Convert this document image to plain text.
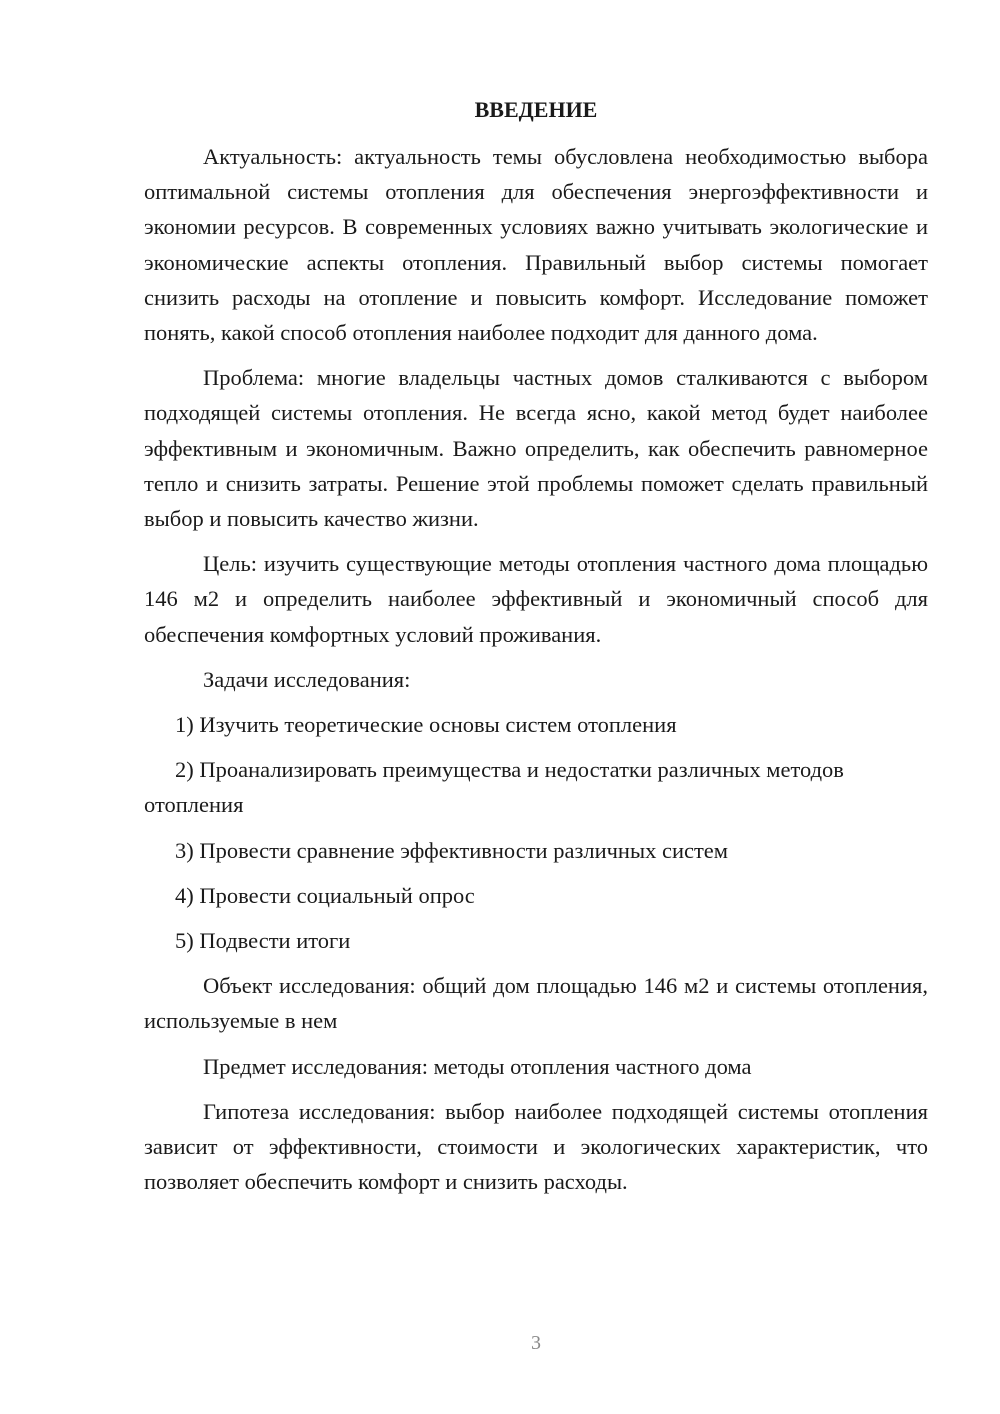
ВВЕДЕНИЕ

Актуальность: актуальность темы обусловлена необходимостью выбора оптимальной системы отопления для обеспечения энергоэффективности и экономии ресурсов. В современных условиях важно учитывать экологические и экономические аспекты отопления. Правильный выбор системы помогает снизить расходы на отопление и повысить комфорт. Исследование поможет понять, какой способ отопления наиболее подходит для данного дома.

Проблема: многие владельцы частных домов сталкиваются с выбором подходящей системы отопления. Не всегда ясно, какой метод будет наиболее эффективным и экономичным. Важно определить, как обеспечить равномерное тепло и снизить затраты. Решение этой проблемы поможет сделать правильный выбор и повысить качество жизни.

Цель: изучить существующие методы отопления частного дома площадью 146 м2 и определить наиболее эффективный и экономичный способ для обеспечения комфортных условий проживания.

Задачи исследования:

1) Изучить теоретические основы систем отопления

2) Проанализировать преимущества и недостатки различных методов отопления

3) Провести сравнение эффективности различных систем

4) Провести социальный опрос

5) Подвести итоги

Объект исследования: общий дом площадью 146 м2 и системы отопления, используемые в нем

Предмет исследования: методы отопления частного дома

Гипотеза исследования: выбор наиболее подходящей системы отопления зависит от эффективности, стоимости и экологических характеристик, что позволяет обеспечить комфорт и снизить расходы.

3
